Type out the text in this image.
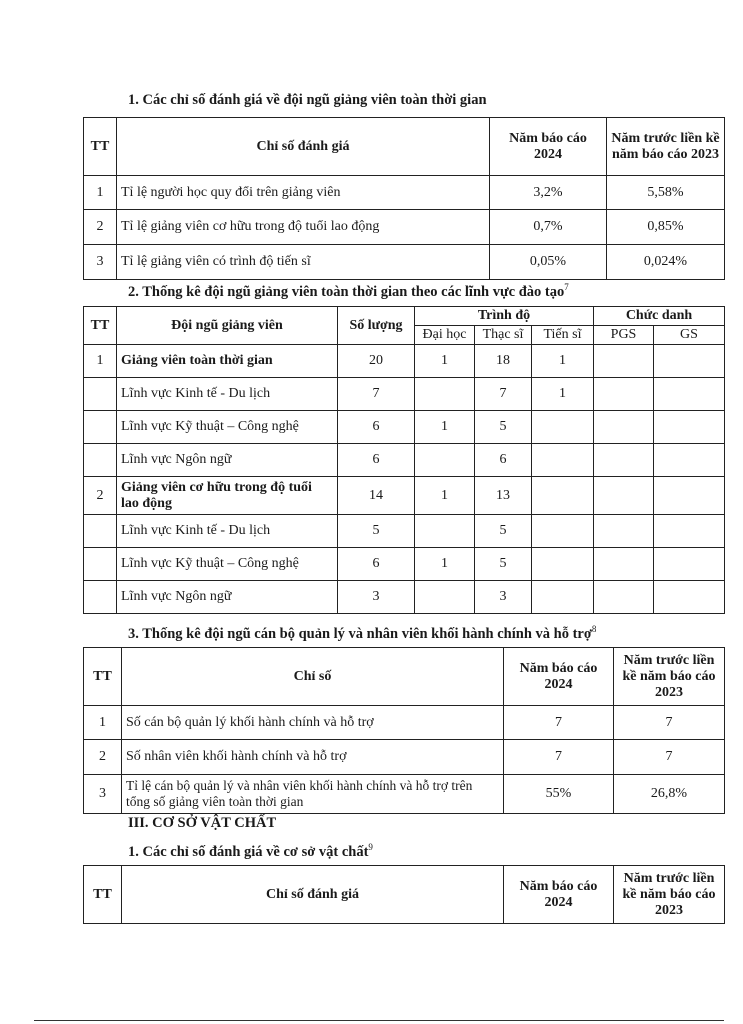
1. Các chỉ số đánh giá về đội ngũ giảng viên toàn thời gian
TT	Chỉ số đánh giá	Năm báo cáo 2024	Năm trước liền kề năm báo cáo 2023
1	Tỉ lệ người học quy đổi trên giảng viên	3,2%	5,58%
2	Tỉ lệ giảng viên cơ hữu trong độ tuổi lao động	0,7%	0,85%
3	Tỉ lệ giảng viên có trình độ tiến sĩ	0,05%	0,024%
2. Thống kê đội ngũ giảng viên toàn thời gian theo các lĩnh vực đào tạo$^7$
TT	Đội ngũ giảng viên	Số lượng	Trình độ			Chức danh	
			Đại học	Thạc sĩ	Tiến sĩ	PGS	GS
1	Giảng viên toàn thời gian	20	1	18	1		
	Lĩnh vực Kinh tế - Du lịch	7		7	1		
	Lĩnh vực Kỹ thuật – Công nghệ	6	1	5			
	Lĩnh vực Ngôn ngữ	6		6			
2	Giảng viên cơ hữu trong độ tuổi lao động	14	1	13			
	Lĩnh vực Kinh tế - Du lịch	5		5			
	Lĩnh vực Kỹ thuật – Công nghệ	6	1	5			
	Lĩnh vực Ngôn ngữ	3		3			
3. Thống kê đội ngũ cán bộ quản lý và nhân viên khối hành chính và hỗ trợ$^8$
TT	Chỉ số	Năm báo cáo 2024	Năm trước liền kề năm báo cáo 2023
1	Số cán bộ quản lý khối hành chính và hỗ trợ	7	7
2	Số nhân viên khối hành chính và hỗ trợ	7	7
3	Tỉ lệ cán bộ quản lý và nhân viên khối hành chính và hỗ trợ trên tổng số giảng viên toàn thời gian	55%	26,8%
III. CƠ SỞ VẬT CHẤT
1. Các chỉ số đánh giá về cơ sở vật chất$^9$
TT	Chỉ số đánh giá	Năm báo cáo 2024	Năm trước liền kề năm báo cáo 2023
